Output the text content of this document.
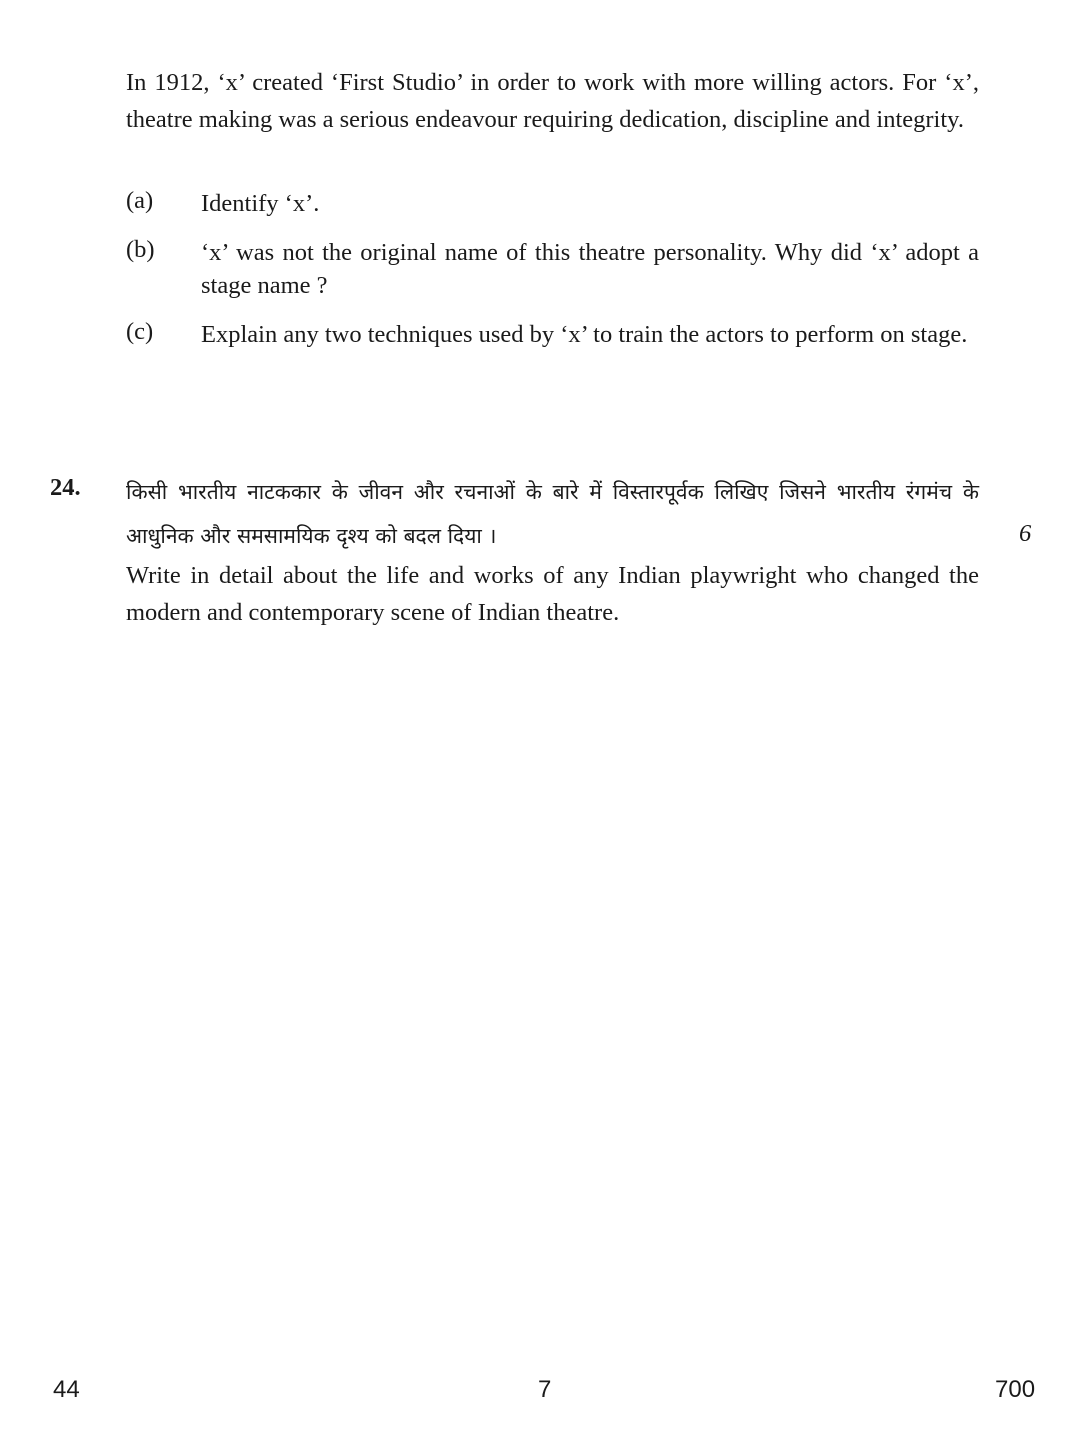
In 1912, ‘x’ created ‘First Studio’ in order to work with more willing actors. For ‘x’, theatre making was a serious endeavour requiring dedication, discipline and integrity.

(a) Identify ‘x’.
(b) ‘x’ was not the original name of this theatre personality. Why did ‘x’ adopt a stage name ?
(c) Explain any two techniques used by ‘x’ to train the actors to perform on stage.
24. किसी भारतीय नाटककार के जीवन और रचनाओं के बारे में विस्तारपूर्वक लिखिए जिसने भारतीय रंगमंच के आधुनिक और समसामयिक दृश्य को बदल दिया ।	6

Write in detail about the life and works of any Indian playwright who changed the modern and contemporary scene of Indian theatre.

44	7	700
